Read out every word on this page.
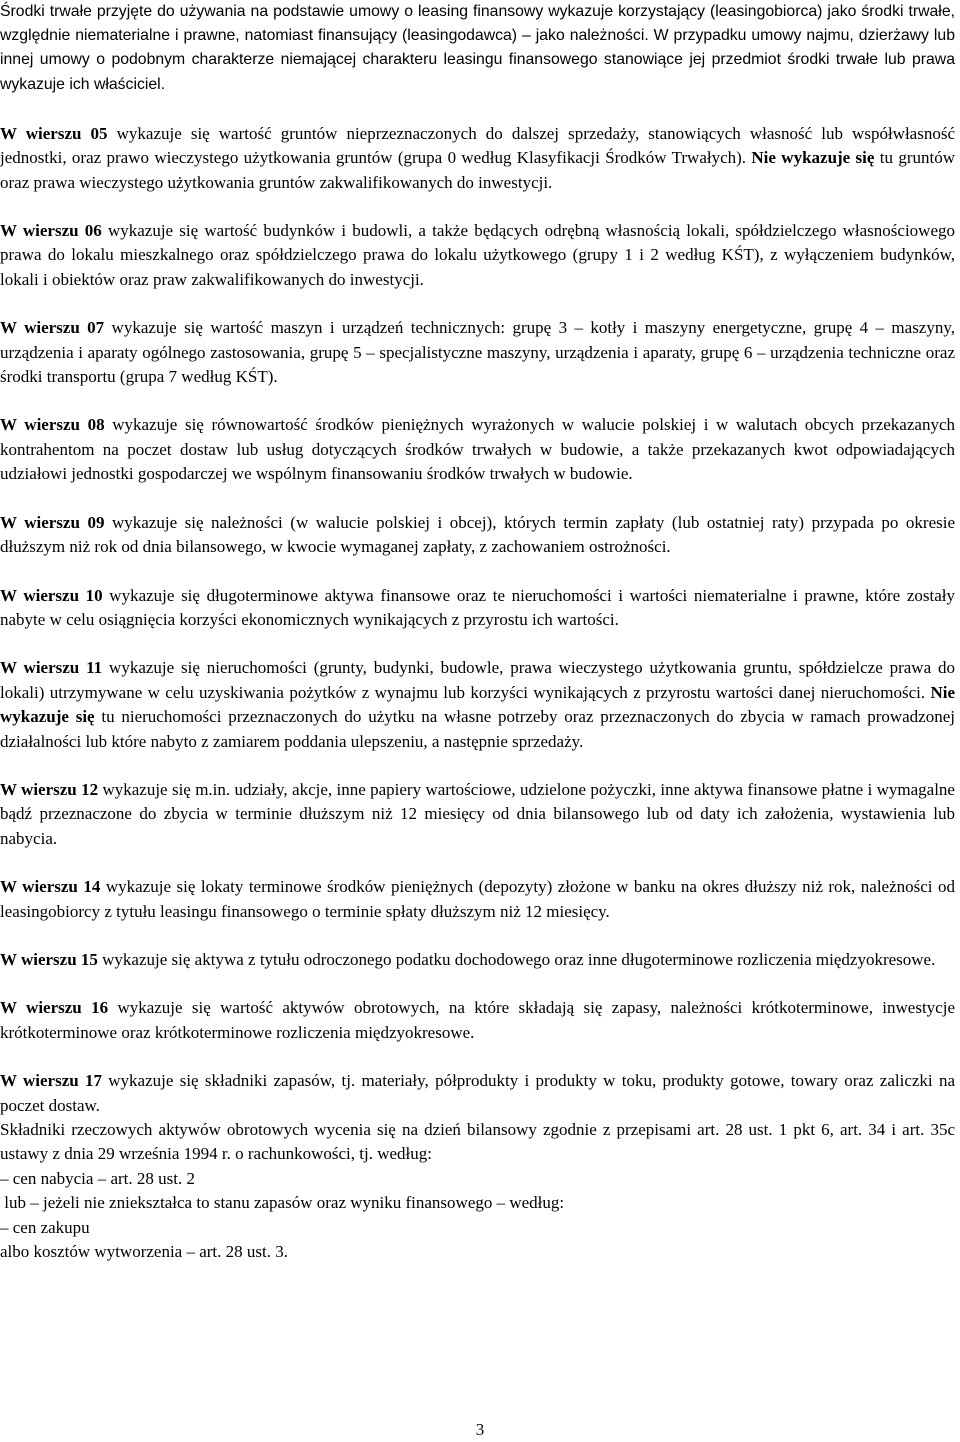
Środki trwałe przyjęte do używania na podstawie umowy o leasing finansowy wykazuje korzystający (leasingobiorca) jako środki trwałe, względnie niematerialne i prawne, natomiast finansujący (leasingodawca) – jako należności. W przypadku umowy najmu, dzierżawy lub innej umowy o podobnym charakterze niemającej charakteru leasingu finansowego stanowiące jej przedmiot środki trwałe lub prawa wykazuje ich właściciel.

W wierszu 05 wykazuje się wartość gruntów nieprzeznaczonych do dalszej sprzedaży, stanowiących własność lub współwłasność jednostki, oraz prawo wieczystego użytkowania gruntów (grupa 0 według Klasyfikacji Środków Trwałych). Nie wykazuje się tu gruntów oraz prawa wieczystego użytkowania gruntów zakwalifikowanych do inwestycji.

W wierszu 06 wykazuje się wartość budynków i budowli, a także będących odrębną własnością lokali, spółdzielczego własnościowego prawa do lokalu mieszkalnego oraz spółdzielczego prawa do lokalu użytkowego (grupy 1 i 2 według KŚT), z wyłączeniem budynków, lokali i obiektów oraz praw zakwalifikowanych do inwestycji.

W wierszu 07 wykazuje się wartość maszyn i urządzeń technicznych: grupę 3 – kotły i maszyny energetyczne, grupę 4 – maszyny, urządzenia i aparaty ogólnego zastosowania, grupę 5 – specjalistyczne maszyny, urządzenia i aparaty, grupę 6 – urządzenia techniczne oraz środki transportu (grupa 7 według KŚT).

W wierszu 08 wykazuje się równowartość środków pieniężnych wyrażonych w walucie polskiej i w walutach obcych przekazanych kontrahentom na poczet dostaw lub usług dotyczących środków trwałych w budowie, a także przekazanych kwot odpowiadających udziałowi jednostki gospodarczej we wspólnym finansowaniu środków trwałych w budowie.

W wierszu 09 wykazuje się należności (w walucie polskiej i obcej), których termin zapłaty (lub ostatniej raty) przypada po okresie dłuższym niż rok od dnia bilansowego, w kwocie wymaganej zapłaty, z zachowaniem ostrożności.

W wierszu 10 wykazuje się długoterminowe aktywa finansowe oraz te nieruchomości i wartości niematerialne i prawne, które zostały nabyte w celu osiągnięcia korzyści ekonomicznych wynikających z przyrostu ich wartości.

W wierszu 11 wykazuje się nieruchomości (grunty, budynki, budowle, prawa wieczystego użytkowania gruntu, spółdzielcze prawa do lokali) utrzymywane w celu uzyskiwania pożytków z wynajmu lub korzyści wynikających z przyrostu wartości danej nieruchomości. Nie wykazuje się tu nieruchomości przeznaczonych do użytku na własne potrzeby oraz przeznaczonych do zbycia w ramach prowadzonej działalności lub które nabyto z zamiarem poddania ulepszeniu, a następnie sprzedaży.

W wierszu 12 wykazuje się m.in. udziały, akcje, inne papiery wartościowe, udzielone pożyczki, inne aktywa finansowe płatne i wymagalne bądź przeznaczone do zbycia w terminie dłuższym niż 12 miesięcy od dnia bilansowego lub od daty ich założenia, wystawienia lub nabycia.

W wierszu 14 wykazuje się lokaty terminowe środków pieniężnych (depozyty) złożone w banku na okres dłuższy niż rok, należności od leasingobiorcy z tytułu leasingu finansowego o terminie spłaty dłuższym niż 12 miesięcy.

W wierszu 15 wykazuje się aktywa z tytułu odroczonego podatku dochodowego oraz inne długoterminowe rozliczenia międzyokresowe.

W wierszu 16 wykazuje się wartość aktywów obrotowych, na które składają się zapasy, należności krótkoterminowe, inwestycje krótkoterminowe oraz krótkoterminowe rozliczenia międzyokresowe.

W wierszu 17 wykazuje się składniki zapasów, tj. materiały, półprodukty i produkty w toku, produkty gotowe, towary oraz zaliczki na poczet dostaw.

Składniki rzeczowych aktywów obrotowych wycenia się na dzień bilansowy zgodnie z przepisami art. 28 ust. 1 pkt 6, art. 34 i art. 35c ustawy z dnia 29 września 1994 r. o rachunkowości, tj. według:

– cen nabycia – art. 28 ust. 2

lub – jeżeli nie zniekształca to stanu zapasów oraz wyniku finansowego – według:

– cen zakupu

albo kosztów wytworzenia – art. 28 ust. 3.

3
